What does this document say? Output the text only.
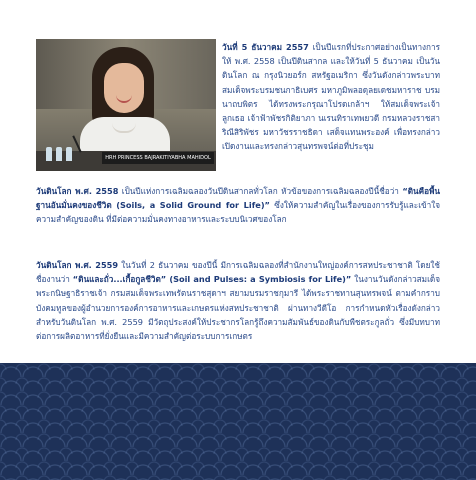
HRH PRINCESS BAJRAKITIYABHA MAHIDOL

วันที่ 5 ธันวาคม 2557 เป็นปีแรกที่ประกาศอย่างเป็นทางการให้ พ.ศ. 2558 เป็นปีดินสากล และให้วันที่ 5 ธันวาคม เป็นวันดินโลก ณ กรุงนิวยอร์ก สหรัฐอเมริกา ซึ่งวันดังกล่าวพระบาทสมเด็จพระบรมชนกาธิเบศร มหาภูมิพลอดุลยเดชมหาราช บรมนาถบพิตร ได้ทรงพระกรุณาโปรดเกล้าฯ ให้สมเด็จพระเจ้าลูกเธอ เจ้าฟ้าพัชรกิติยาภา นเรนทิราเทพยวดี กรมหลวงราชสาริณีสิริพัชร มหาวัชรราชธิดา เสด็จแทนพระองค์ เพื่อทรงกล่าวเปิดงานและทรงกล่าวสุนทรพจน์ต่อที่ประชุม

วันดินโลก พ.ศ. 2558 เป็นปีแห่งการเฉลิมฉลองวันปีดินสากลทั่วโลก หัวข้อของการเฉลิมฉลองปีนี้ชื่อว่า “ดินคือพื้นฐานอันมั่นคงของชีวิต (Soils, a Solid Ground for Life)” ซึ่งให้ความสำคัญในเรื่องของการรับรู้และเข้าใจความสำคัญของดิน ที่มีต่อความมั่นคงทางอาหารและระบบนิเวศของโลก

วันดินโลก พ.ศ. 2559 ในวันที่ 2 ธันวาคม ของปีนี้ มีการเฉลิมฉลองที่สำนักงานใหญ่องค์การสหประชาชาติ โดยใช้ชื่องานว่า “ดินและถั่ว...เกื้อกูลชีวิต” (Soil and Pulses: a Symbiosis for Life)” ในงานวันดังกล่าวสมเด็จพระกนิษฐาธิราชเจ้า กรมสมเด็จพระเทพรัตนราชสุดาฯ สยามบรมราชกุมารี ได้พระราชทานสุนทรพจน์ ตามคำกราบบังคมทูลของผู้อำนวยการองค์การอาหารและเกษตรแห่งสหประชาชาติ ผ่านทางวีดีโอ การกำหนดหัวเรื่องดังกล่าว สำหรับวันดินโลก พ.ศ. 2559 มีวัตถุประสงค์ให้ประชากรโลกรู้ถึงความสัมพันธ์ของดินกับพืชตระกูลถั่ว ซึ่งมีบทบาทต่อการผลิตอาหารที่ยั่งยืนและมีความสำคัญต่อระบบการเกษตร
